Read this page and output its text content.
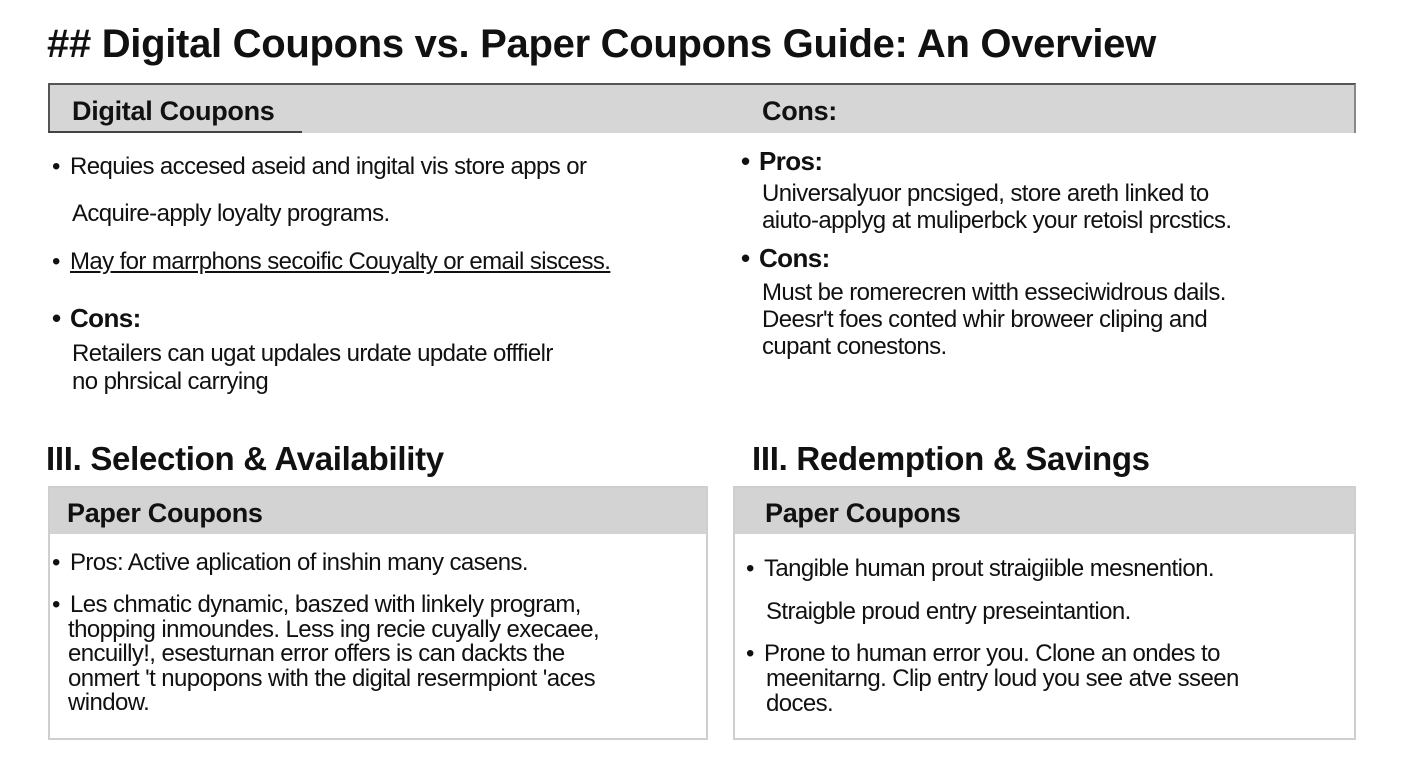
## Digital Coupons vs. Paper Coupons Guide: An Overview
Digital Coupons	Cons:
• Requies accesed aseid and ingital vis store apps or
Acquire-apply loyalty programs.
• May for marrphons secoific Couyalty or email siscess.
• Cons:
Retailers can ugat updales urdate update offfielr
no phrsical carrying
• Pros:
Universalyuor pncsiged, store areth linked to
aiuto-applyg at muliperbck your retoisl prcstics.
• Cons:
Must be romerecren witth esseciwidrous dails.
Deesr't foes conted whir broweer cliping and
cupant conestons.
III. Selection & Availability	III. Redemption & Savings
Paper Coupons
• Pros: Active aplication of inshin many casens.
• Les chmatic dynamic, baszed with linkely program,
thopping inmoundes. Less ing recie cuyally execaee,
encuilly!, esesturnan error offers is can dackts the
onmert 't nupopons with the digital resermpiont 'aces
window.
Paper Coupons
• Tangible human prout straigiible mesnention.
Straigble proud entry preseintantion.
• Prone to human error you. Clone an ondes to
meenitarng. Clip entry loud you see atve sseen
doces.
